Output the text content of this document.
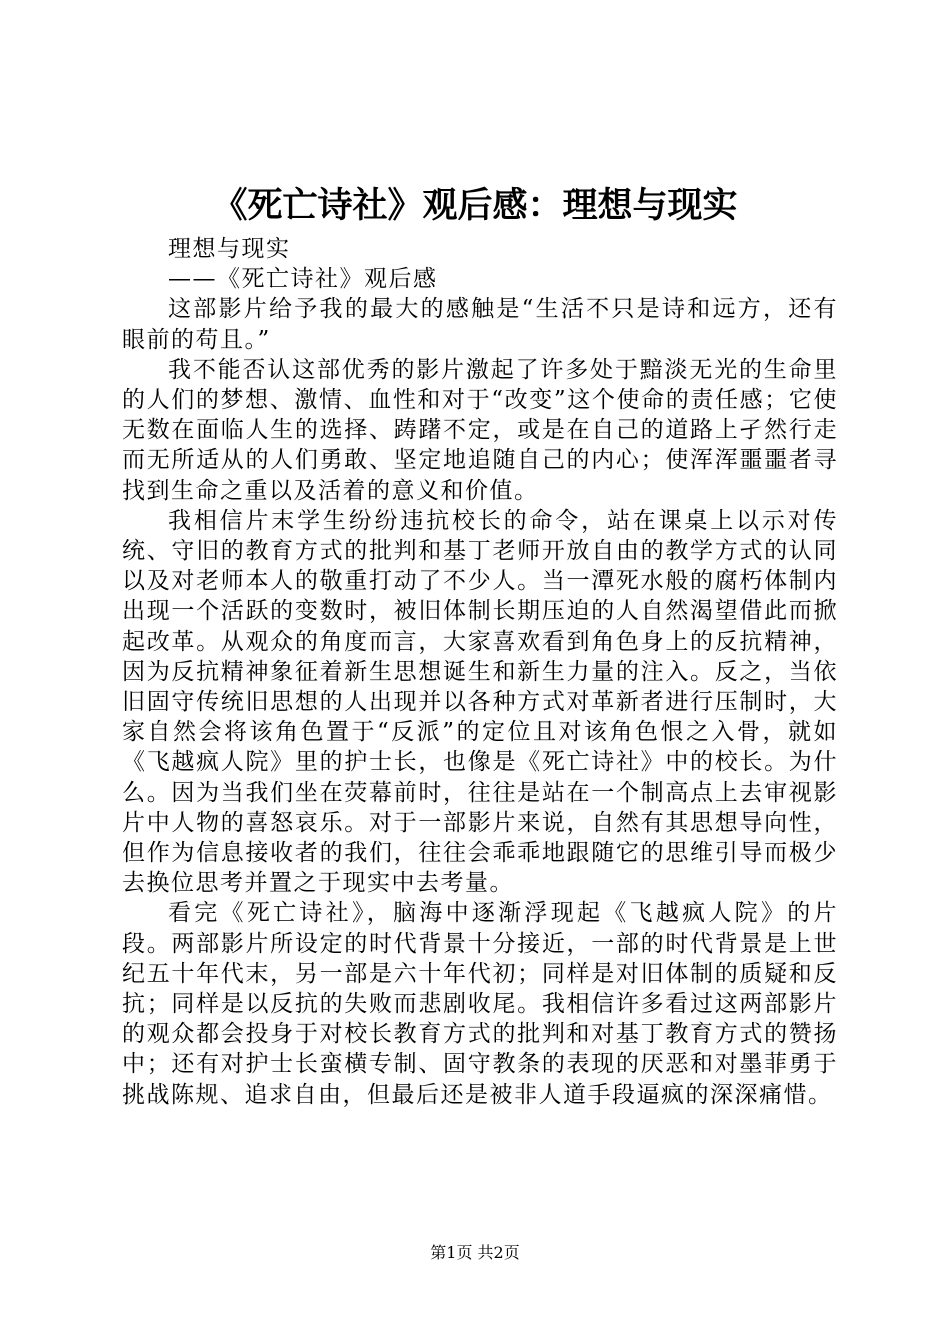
《死亡诗社》观后感：理想与现实

理想与现实

——《死亡诗社》观后感

这部影片给予我的最大的感触是“生活不只是诗和远方，还有眼前的苟且。”

我不能否认这部优秀的影片激起了许多处于黯淡无光的生命里的人们的梦想、激情、血性和对于“改变”这个使命的责任感；它使无数在面临人生的选择、踌躇不定，或是在自己的道路上孑然行走而无所适从的人们勇敢、坚定地追随自己的内心；使浑浑噩噩者寻找到生命之重以及活着的意义和价值。

我相信片末学生纷纷违抗校长的命令，站在课桌上以示对传统、守旧的教育方式的批判和基丁老师开放自由的教学方式的认同以及对老师本人的敬重打动了不少人。当一潭死水般的腐朽体制内出现一个活跃的变数时，被旧体制长期压迫的人自然渴望借此而掀起改革。从观众的角度而言，大家喜欢看到角色身上的反抗精神，因为反抗精神象征着新生思想诞生和新生力量的注入。反之，当依旧固守传统旧思想的人出现并以各种方式对革新者进行压制时，大家自然会将该角色置于“反派”的定位且对该角色恨之入骨，就如《飞越疯人院》里的护士长，也像是《死亡诗社》中的校长。为什么。因为当我们坐在荧幕前时，往往是站在一个制高点上去审视影片中人物的喜怒哀乐。对于一部影片来说，自然有其思想导向性，但作为信息接收者的我们，往往会乖乖地跟随它的思维引导而极少去换位思考并置之于现实中去考量。

看完《死亡诗社》，脑海中逐渐浮现起《飞越疯人院》的片段。两部影片所设定的时代背景十分接近，一部的时代背景是上世纪五十年代末，另一部是六十年代初；同样是对旧体制的质疑和反抗；同样是以反抗的失败而悲剧收尾。我相信许多看过这两部影片的观众都会投身于对校长教育方式的批判和对基丁教育方式的赞扬中；还有对护士长蛮横专制、固守教条的表现的厌恶和对墨菲勇于挑战陈规、追求自由，但最后还是被非人道手段逼疯的深深痛惜。

第1页 共2页
